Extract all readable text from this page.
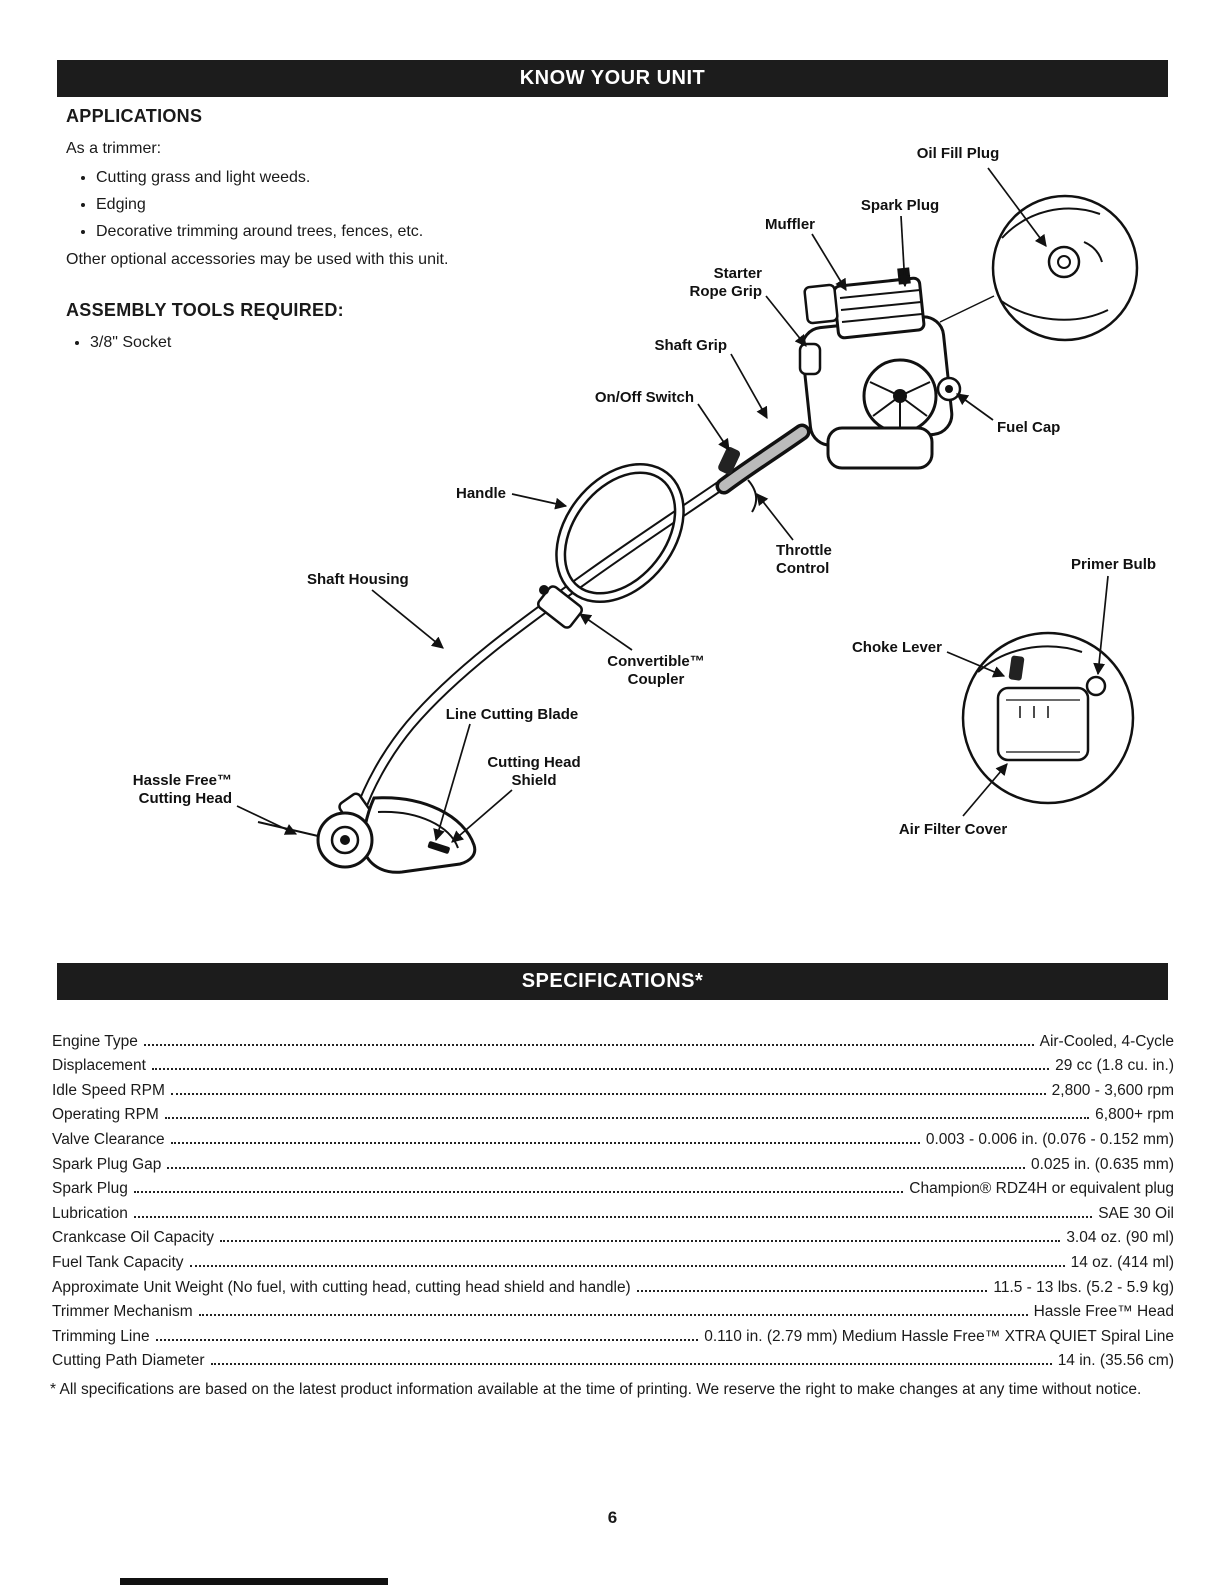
KNOW YOUR UNIT
APPLICATIONS

As a trimmer:

• Cutting grass and light weeds.
• Edging
• Decorative trimming around trees, fences, etc.

Other optional accessories may be used with this unit.

ASSEMBLY TOOLS REQUIRED:
• 3/8" Socket
Oil Fill Plug
Spark Plug
Muffler
Starter
Rope Grip
Shaft Grip
On/Off Switch
Fuel Cap
Handle
Throttle
Control	Primer Bulb
Shaft Housing
Convertible™
Coupler
Choke Lever
Line Cutting Blade
Cutting Head
Shield
Hassle Free™
Cutting Head
Air Filter Cover
SPECIFICATIONS*
Engine Type	Air-Cooled, 4-Cycle
Displacement	29 cc (1.8 cu. in.)
Idle Speed RPM	2,800 - 3,600 rpm
Operating RPM	6,800+ rpm
Valve Clearance	0.003 - 0.006 in. (0.076 - 0.152 mm)
Spark Plug Gap	0.025 in. (0.635 mm)
Spark Plug	Champion® RDZ4H or equivalent plug
Lubrication	SAE 30 Oil
Crankcase Oil Capacity	3.04 oz. (90 ml)
Fuel Tank Capacity	14 oz. (414 ml)
Approximate Unit Weight (No fuel, with cutting head, cutting head shield and handle)	11.5 - 13 lbs. (5.2 - 5.9 kg)
Trimmer Mechanism	Hassle Free™ Head
Trimming Line	0.110 in. (2.79 mm) Medium Hassle Free™ XTRA QUIET Spiral Line
Cutting Path Diameter	14 in. (35.56 cm)

* All specifications are based on the latest product information available at the time of printing. We reserve the right to make changes at any time without notice.

6
